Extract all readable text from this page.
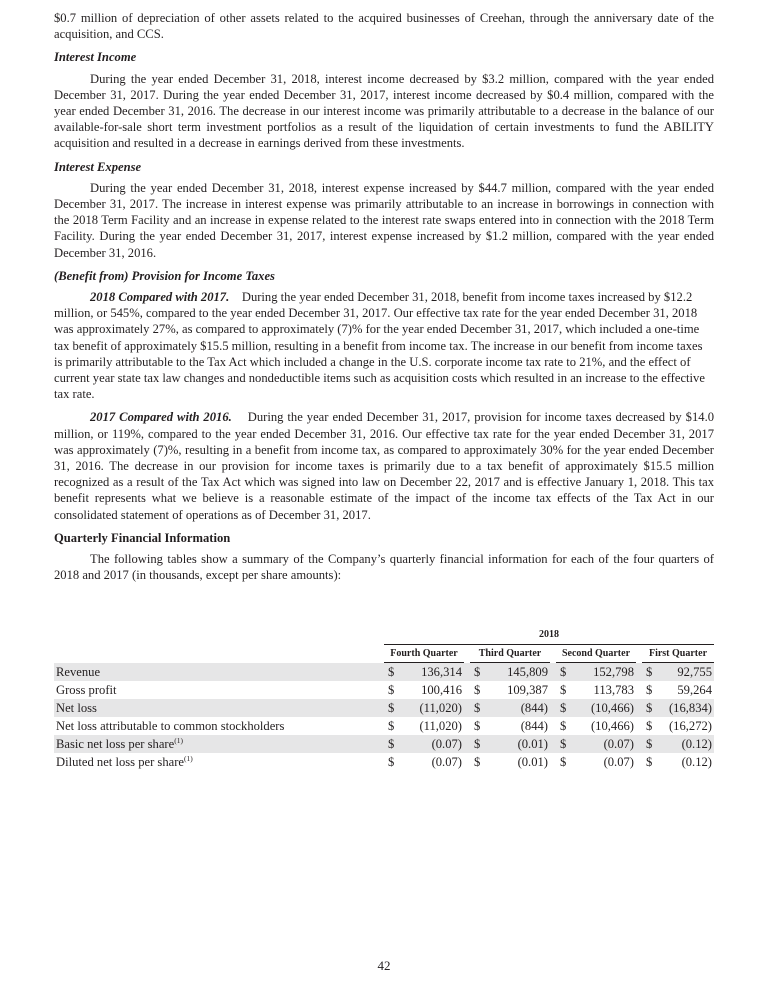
$0.7 million of depreciation of other assets related to the acquired businesses of Creehan, through the anniversary date of the acquisition, and CCS.

Interest Income

During the year ended December 31, 2018, interest income decreased by $3.2 million, compared with the year ended December 31, 2017. During the year ended December 31, 2017, interest income decreased by $0.4 million, compared with the year ended December 31, 2016. The decrease in our interest income was primarily attributable to a decrease in the balance of our available-for-sale short term investment portfolios as a result of the liquidation of certain investments to fund the ABILITY acquisition and resulted in a decrease in earnings derived from these investments.

Interest Expense

During the year ended December 31, 2018, interest expense increased by $44.7 million, compared with the year ended December 31, 2017. The increase in interest expense was primarily attributable to an increase in borrowings in connection with the 2018 Term Facility and an increase in expense related to the interest rate swaps entered into in connection with the 2018 Term Facility. During the year ended December 31, 2017, interest expense increased by $1.2 million, compared with the year ended December 31, 2016.

(Benefit from) Provision for Income Taxes

2018 Compared with 2017. During the year ended December 31, 2018, benefit from income taxes increased by $12.2 million, or 545%, compared to the year ended December 31, 2017. Our effective tax rate for the year ended December 31, 2018 was approximately 27%, as compared to approximately (7)% for the year ended December 31, 2017, which included a one-time tax benefit of approximately $15.5 million, resulting in a benefit from income tax. The increase in our benefit from income taxes is primarily attributable to the Tax Act which included a change in the U.S. corporate income tax rate to 21%, and the effect of current year state tax law changes and nondeductible items such as acquisition costs which resulted in an increase to the effective tax rate.

2017 Compared with 2016. During the year ended December 31, 2017, provision for income taxes decreased by $14.0 million, or 119%, compared to the year ended December 31, 2016. Our effective tax rate for the year ended December 31, 2017 was approximately (7)%, resulting in a benefit from income tax, as compared to approximately 30% for the year ended December 31, 2016. The decrease in our provision for income taxes is primarily due to a tax benefit of approximately $15.5 million recognized as a result of the Tax Act which was signed into law on December 22, 2017 and is effective January 1, 2018. This tax benefit represents what we believe is a reasonable estimate of the impact of the income tax effects of the Tax Act in our consolidated statement of operations as of December 31, 2017.

Quarterly Financial Information

The following tables show a summary of the Company’s quarterly financial information for each of the four quarters of 2018 and 2017 (in thousands, except per share amounts):

	2018										
	Fourth Quarter			Third Quarter			Second Quarter			First Quarter	
Revenue	$	136,314		$	145,809		$	152,798		$	92,755
Gross profit	$	100,416		$	109,387		$	113,783		$	59,264
Net loss	$	(11,020)		$	(844)		$	(10,466)		$	(16,834)
Net loss attributable to common stockholders	$	(11,020)		$	(844)		$	(10,466)		$	(16,272)
Basic net loss per share$^{(1)}$	$	(0.07)		$	(0.01)		$	(0.07)		$	(0.12)
Diluted net loss per share$^{(1)}$	$	(0.07)		$	(0.01)		$	(0.07)		$	(0.12)
42
